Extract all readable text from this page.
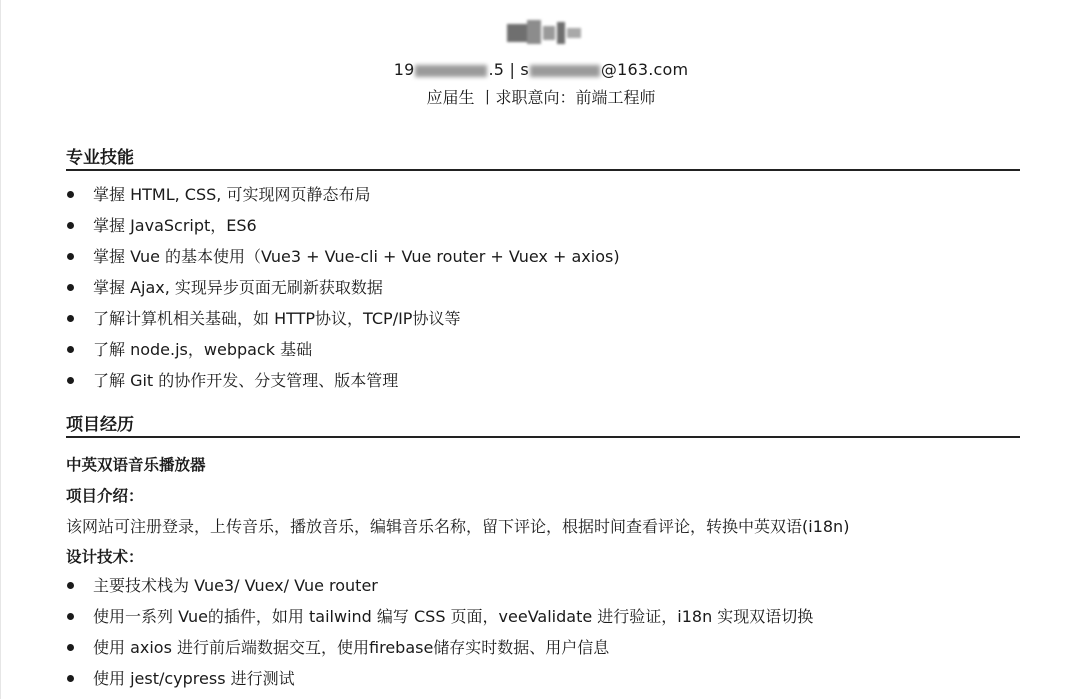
19	.5 | s	@163.com
应届生 丨求职意向：前端工程师
专业技能
掌握 HTML, CSS, 可实现网页静态布局
掌握 JavaScript，ES6
掌握 Vue 的基本使用（Vue3 + Vue-cli + Vue router + Vuex + axios)
掌握 Ajax, 实现异步页面无刷新获取数据
了解计算机相关基础，如 HTTP协议，TCP/IP协议等
了解 node.js，webpack 基础
了解 Git 的协作开发、分支管理、版本管理
项目经历
中英双语音乐播放器
项目介绍：
该网站可注册登录，上传音乐，播放音乐，编辑音乐名称，留下评论，根据时间查看评论，转换中英双语(i18n)
设计技术：
主要技术栈为 Vue3/ Vuex/ Vue router
使用一系列 Vue的插件，如用 tailwind 编写 CSS 页面，veeValidate 进行验证，i18n 实现双语切换
使用 axios 进行前后端数据交互，使用firebase储存实时数据、用户信息
使用 jest/cypress 进行测试
